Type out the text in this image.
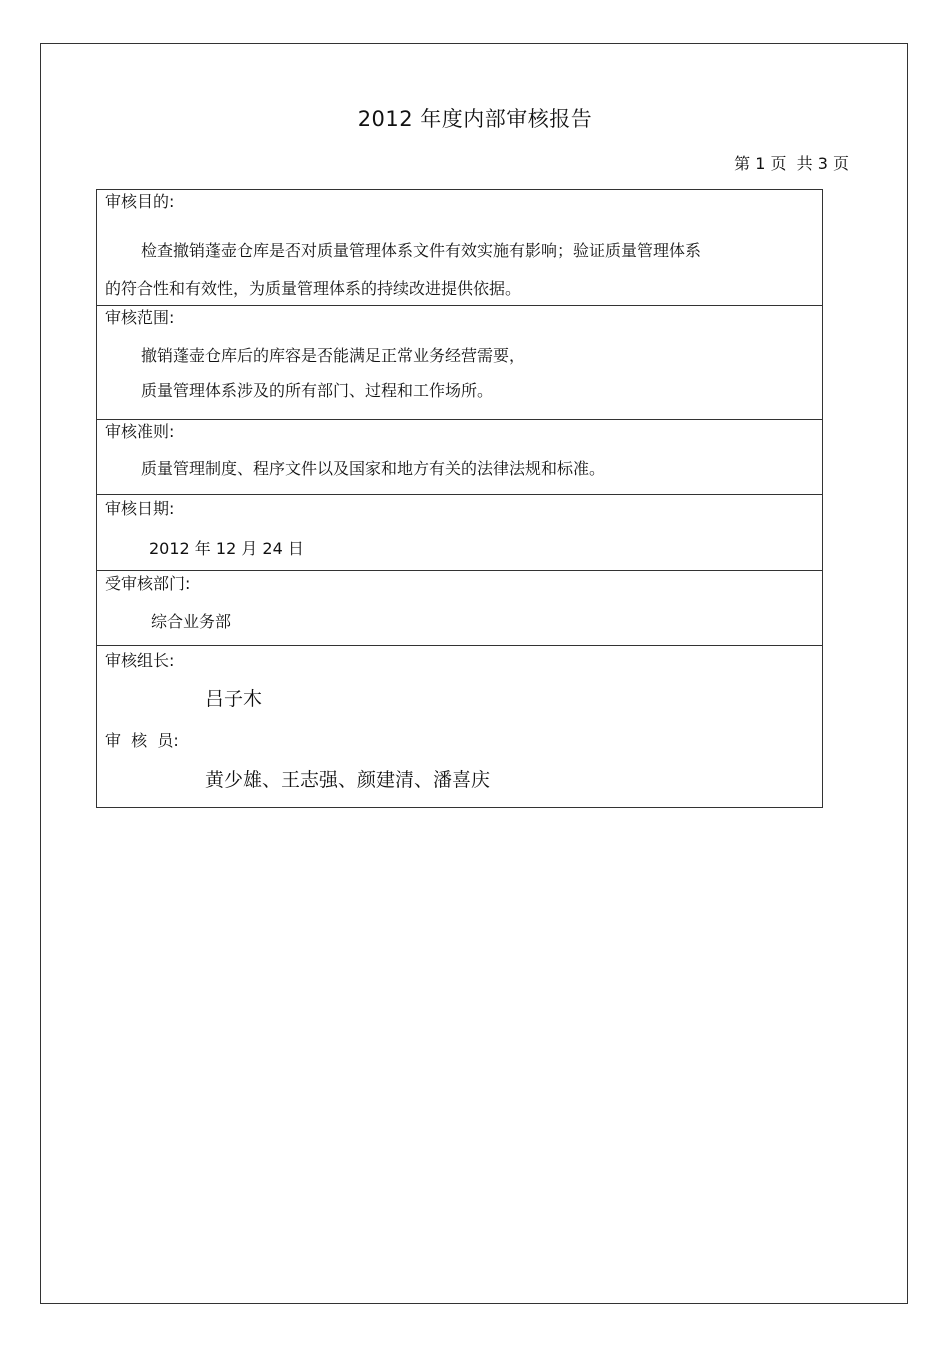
2012 年度内部审核报告
第 1 页  共 3 页
审核目的:
检查撤销蓬壶仓库是否对质量管理体系文件有效实施有影响；验证质量管理体系
的符合性和有效性，为质量管理体系的持续改进提供依据。
审核范围:
撤销蓬壶仓库后的库容是否能满足正常业务经营需要，
质量管理体系涉及的所有部门、过程和工作场所。
审核准则:
质量管理制度、程序文件以及国家和地方有关的法律法规和标准。
审核日期:
2012 年 12 月 24 日
受审核部门:
综合业务部
审核组长:
吕子木
审  核  员:
黄少雄、王志强、颜建清、潘喜庆
